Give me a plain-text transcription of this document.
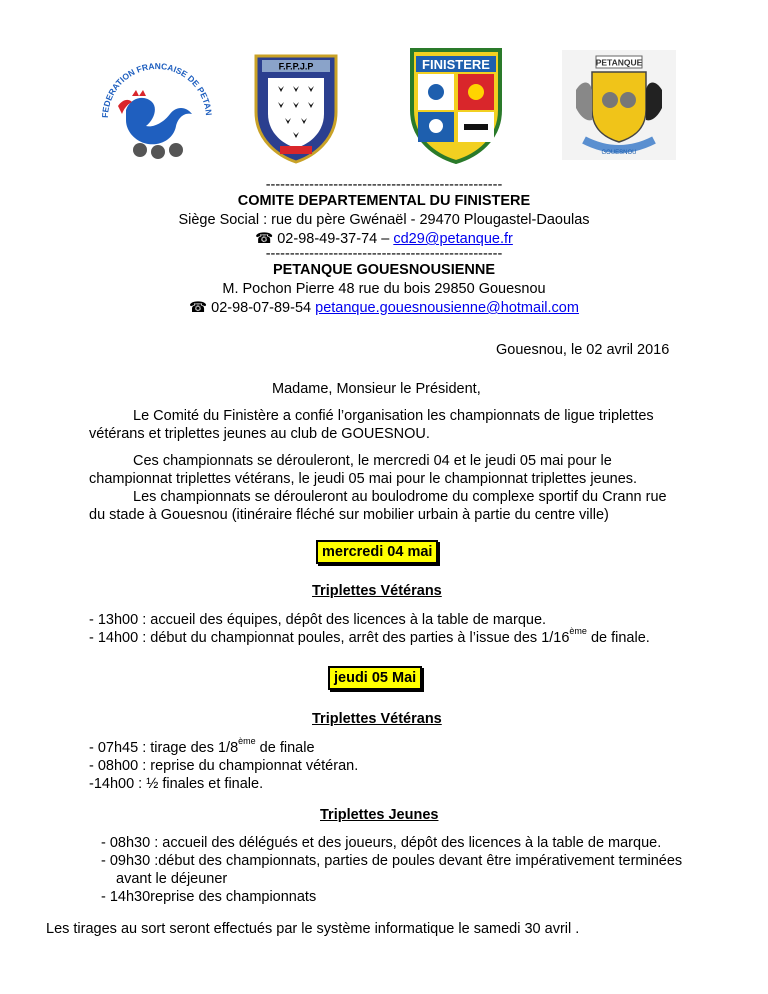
FEDERATION FRANCAISE DE PETAN
F.F.P.J.P	FINISTERE	PETANQUE
GOUESNOU
-------------------------------------------------
COMITE DEPARTEMENTAL DU FINISTERE
Siège Social : rue du père Gwénaël - 29470 Plougastel-Daoulas
☎ 02-98-49-37-74 – cd29@petanque.fr
-------------------------------------------------
PETANQUE GOUESNOUSIENNE
M. Pochon Pierre 48 rue du bois 29850 Gouesnou
☎ 02-98-07-89-54 petanque.gouesnousienne@hotmail.com
Gouesnou, le 02 avril 2016
Madame, Monsieur le Président,
Le Comité du Finistère a confié l’organisation les championnats de ligue triplettes
vétérans et triplettes jeunes au club de GOUESNOU.
Ces championnats se dérouleront, le mercredi 04 et le jeudi 05 mai pour le
championnat triplettes vétérans, le jeudi 05 mai pour le championnat triplettes jeunes.
Les championnats se dérouleront au boulodrome du complexe sportif du Crann rue
du stade à Gouesnou (itinéraire fléché sur mobilier urbain à partie du centre ville)
mercredi 04 mai
Triplettes Vétérans
- 13h00 : accueil des équipes, dépôt des licences à la table de marque.
- 14h00 : début du championnat poules, arrêt des parties à l’issue des 1/16ème de finale.
jeudi 05 Mai
Triplettes Vétérans
- 07h45 : tirage des 1/8ème de finale
- 08h00 : reprise du championnat vétéran.
-14h00 : ½ finales et finale.
Triplettes Jeunes
- 08h30 : accueil des délégués et des joueurs, dépôt des licences à la table de marque.
- 09h30 :début des championnats, parties de poules devant être impérativement terminées
avant le déjeuner
- 14h30reprise des championnats
Les tirages au sort seront effectués par le système informatique le samedi 30 avril .
